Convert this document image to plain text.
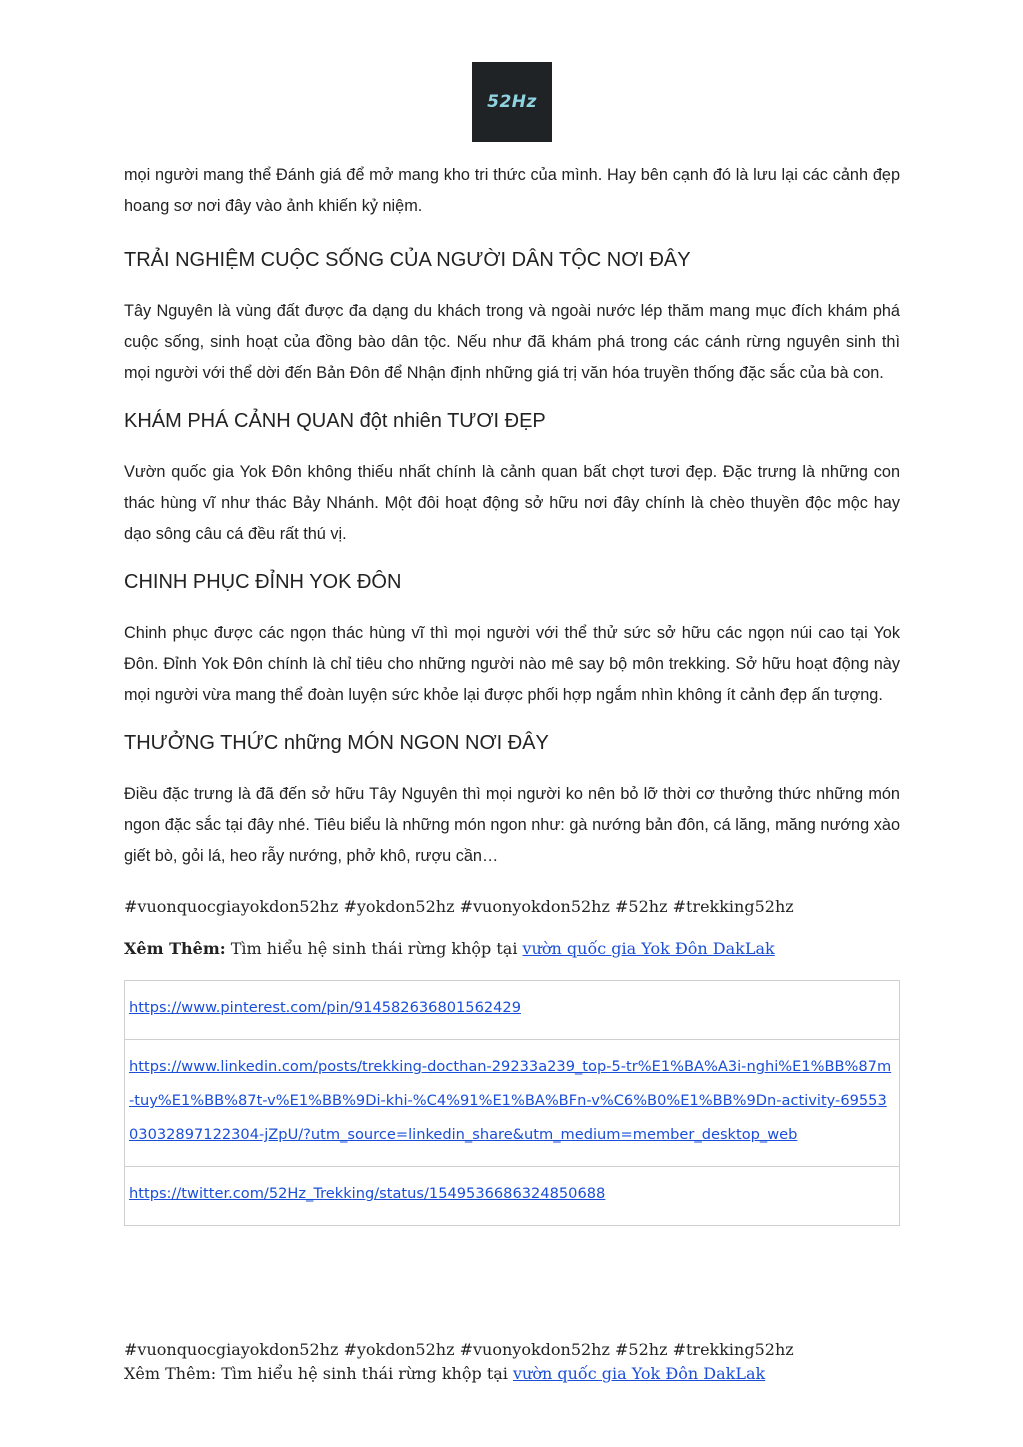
52Hz

mọi người mang thể Đánh giá để mở mang kho tri thức của mình. Hay bên cạnh đó là lưu lại các cảnh đẹp hoang sơ nơi đây vào ảnh khiến kỷ niệm.

TRẢI NGHIỆM CUỘC SỐNG CỦA NGƯỜI DÂN TỘC NƠI ĐÂY

Tây Nguyên là vùng đất được đa dạng du khách trong và ngoài nước lép thăm mang mục đích khám phá cuộc sống, sinh hoạt của đồng bào dân tộc. Nếu như đã khám phá trong các cánh rừng nguyên sinh thì mọi người với thể dời đến Bản Đôn để Nhận định những giá trị văn hóa truyền thống đặc sắc của bà con.

KHÁM PHÁ CẢNH QUAN đột nhiên TƯƠI ĐẸP

Vườn quốc gia Yok Đôn không thiếu nhất chính là cảnh quan bất chợt tươi đẹp. Đặc trưng là những con thác hùng vĩ như thác Bảy Nhánh. Một đôi hoạt động sở hữu nơi đây chính là chèo thuyền độc mộc hay dạo sông câu cá đều rất thú vị.

CHINH PHỤC ĐỈNH YOK ĐÔN

Chinh phục được các ngọn thác hùng vĩ thì mọi người với thể thử sức sở hữu các ngọn núi cao tại Yok Đôn. Đỉnh Yok Đôn chính là chỉ tiêu cho những người nào mê say bộ môn trekking. Sở hữu hoạt động này mọi người vừa mang thể đoàn luyện sức khỏe lại được phối hợp ngắm nhìn không ít cảnh đẹp ấn tượng.

THƯỞNG THỨC những MÓN NGON NƠI ĐÂY

Điều đặc trưng là đã đến sở hữu Tây Nguyên thì mọi người ko nên bỏ lỡ thời cơ thưởng thức những món ngon đặc sắc tại đây nhé. Tiêu biểu là những món ngon như: gà nướng bản đôn, cá lăng, măng nướng xào giết bò, gỏi lá, heo rẫy nướng, phở khô, rượu cần…

#vuonquocgiayokdon52hz #yokdon52hz #vuonyokdon52hz #52hz #trekking52hz

Xêm Thêm: Tìm hiểu hệ sinh thái rừng khộp tại vườn quốc gia Yok Đôn DakLak

https://www.pinterest.com/pin/914582636801562429
https://www.linkedin.com/posts/trekking-docthan-29233a239_top-5-tr%E1%BA%A3i-nghi%E1%BB%87m-tuy%E1%BB%87t-v%E1%BB%9Di-khi-%C4%91%E1%BA%BFn-v%C6%B0%E1%BB%9Dn-activity-6955303032897122304-jZpU/?utm_source=linkedin_share&utm_medium=member_desktop_web
https://twitter.com/52Hz_Trekking/status/1549536686324850688
#vuonquocgiayokdon52hz #yokdon52hz #vuonyokdon52hz #52hz #trekking52hz
Xêm Thêm: Tìm hiểu hệ sinh thái rừng khộp tại vườn quốc gia Yok Đôn DakLak
